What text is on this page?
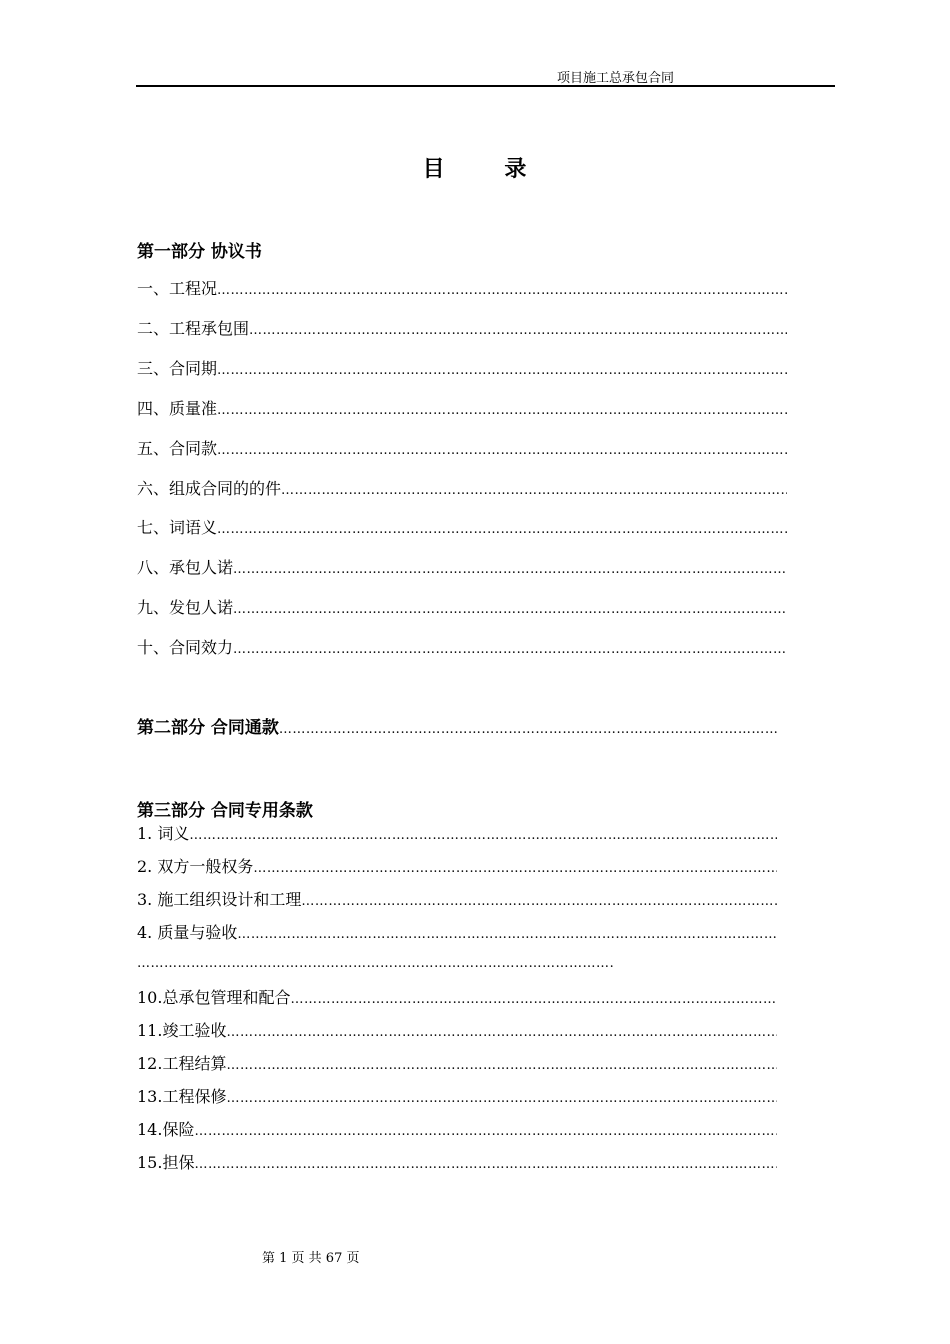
项目施工总承包合同
目 录
第一部分 协议书
一、工程况
……………………………………………………………………………………………………………………………………………………………………………………………………………………
二、工程承包围
……………………………………………………………………………………………………………………………………………………………………………………………………………………
三、合同期
……………………………………………………………………………………………………………………………………………………………………………………………………………………
四、质量准
……………………………………………………………………………………………………………………………………………………………………………………………………………………
五、合同款
……………………………………………………………………………………………………………………………………………………………………………………………………………………
六、组成合同的的件
……………………………………………………………………………………………………………………………………………………………………………………………………………………
七、词语义
……………………………………………………………………………………………………………………………………………………………………………………………………………………
八、承包人诺
……………………………………………………………………………………………………………………………………………………………………………………………………………………
九、发包人诺
……………………………………………………………………………………………………………………………………………………………………………………………………………………
十、合同效力
……………………………………………………………………………………………………………………………………………………………………………………………………………………
第二部分 合同通款
……………………………………………………………………………………………………………………………………………………………………………………………………………………
第三部分 合同专用条款
1. 词义
……………………………………………………………………………………………………………………………………………………………………………………………………………………
2. 双方一般权务
……………………………………………………………………………………………………………………………………………………………………………………………………………………
3. 施工组织设计和工理
……………………………………………………………………………………………………………………………………………………………………………………………………………………
4. 质量与验收
……………………………………………………………………………………………………………………………………………………………………………………………………………………
……………………………………………………………………………………………………………………………………………………………………………………………………………………
10.总承包管理和配合
……………………………………………………………………………………………………………………………………………………………………………………………………………………
11.竣工验收
……………………………………………………………………………………………………………………………………………………………………………………………………………………
12.工程结算
……………………………………………………………………………………………………………………………………………………………………………………………………………………
13.工程保修
……………………………………………………………………………………………………………………………………………………………………………………………………………………
14.保险
……………………………………………………………………………………………………………………………………………………………………………………………………………………
15.担保
……………………………………………………………………………………………………………………………………………………………………………………………………………………
第 1 页 共 67 页
